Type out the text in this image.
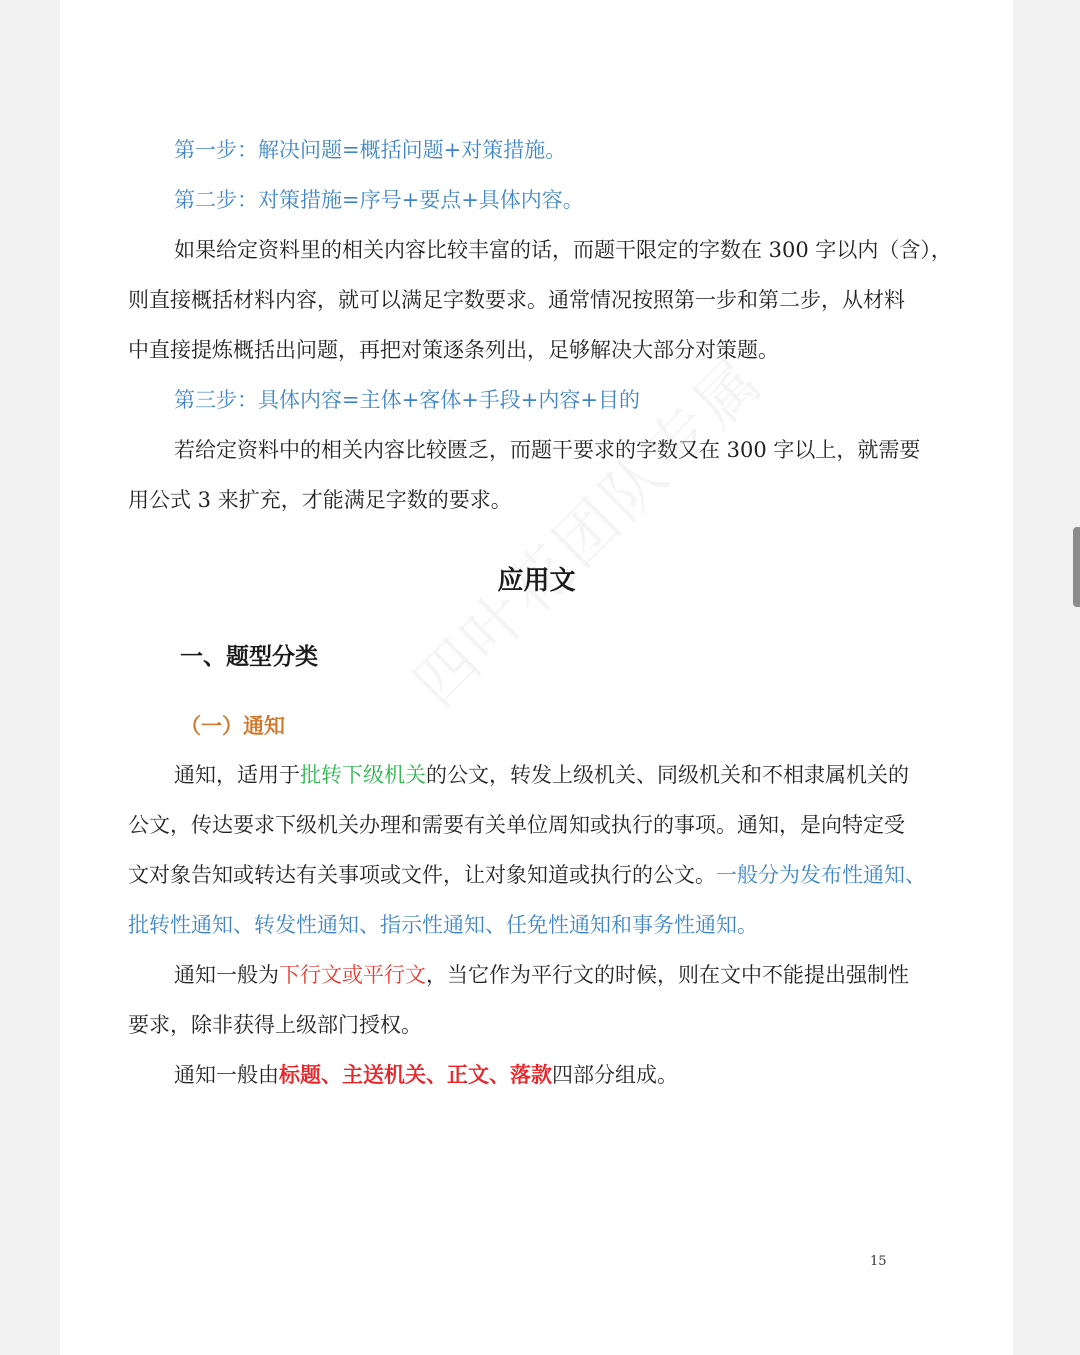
第一步：解决问题=概括问题+对策措施。
第二步：对策措施=序号+要点+具体内容。
如果给定资料里的相关内容比较丰富的话，而题干限定的字数在 300 字以内（含），
则直接概括材料内容，就可以满足字数要求。通常情况按照第一步和第二步，从材料
中直接提炼概括出问题，再把对策逐条列出，足够解决大部分对策题。
第三步：具体内容=主体+客体+手段+内容+目的
若给定资料中的相关内容比较匮乏，而题干要求的字数又在 300 字以上，就需要
用公式 3 来扩充，才能满足字数的要求。
应用文
一、题型分类
（一）通知
通知，适用于批转下级机关的公文，转发上级机关、同级机关和不相隶属机关的
公文，传达要求下级机关办理和需要有关单位周知或执行的事项。通知，是向特定受
文对象告知或转达有关事项或文件，让对象知道或执行的公文。一般分为发布性通知、
批转性通知、转发性通知、指示性通知、任免性通知和事务性通知。
通知一般为下行文或平行文，当它作为平行文的时候，则在文中不能提出强制性
要求，除非获得上级部门授权。
通知一般由标题、主送机关、正文、落款四部分组成。
15
